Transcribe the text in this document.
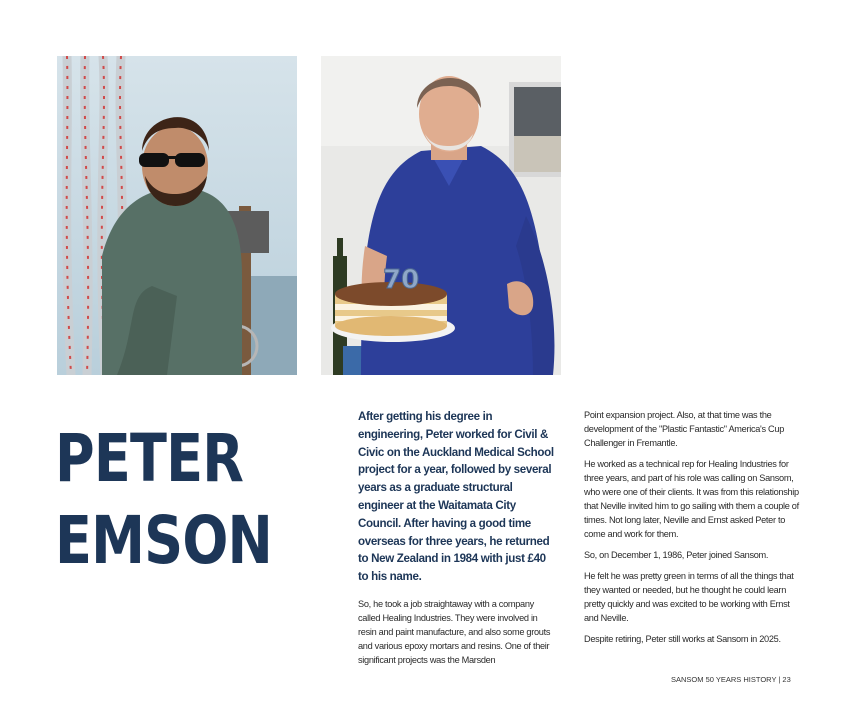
70
PETER
EMSON

After getting his degree in engineering, Peter worked for Civil & Civic on the Auckland Medical School project for a year, followed by several years as a graduate structural engineer at the Waitamata City Council. After having a good time overseas for three years, he returned to New Zealand in 1984 with just £40 to his name.

So, he took a job straightaway with a company called Healing Industries. They were involved in resin and paint manufacture, and also some grouts and various epoxy mortars and resins. One of their significant projects was the Marsden

Point expansion project. Also, at that time was the development of the "Plastic Fantastic" America's Cup Challenger in Fremantle.

He worked as a technical rep for Healing Industries for three years, and part of his role was calling on Sansom, who were one of their clients. It was from this relationship that Neville invited him to go sailing with them a couple of times. Not long later, Neville and Ernst asked Peter to come and work for them.

So, on December 1, 1986, Peter joined Sansom.

He felt he was pretty green in terms of all the things that they wanted or needed, but he thought he could learn pretty quickly and was excited to be working with Ernst and Neville.

Despite retiring, Peter still works at Sansom in 2025.

SANSOM 50 YEARS HISTORY | 23
